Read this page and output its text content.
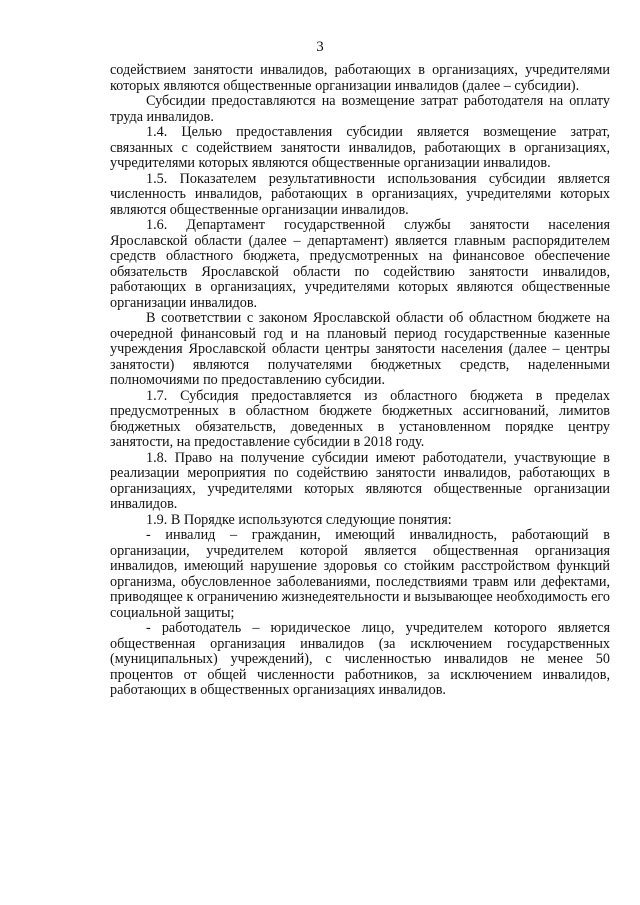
3

содействием занятости инвалидов, работающих в организациях, учредителями которых являются общественные организации инвалидов (далее – субсидии).

Субсидии предоставляются на возмещение затрат работодателя на оплату труда инвалидов.

1.4. Целью предоставления субсидии является возмещение затрат, связанных с содействием занятости инвалидов, работающих в организациях, учредителями которых являются общественные организации инвалидов.

1.5. Показателем результативности использования субсидии является численность инвалидов, работающих в организациях, учредителями которых являются общественные организации инвалидов.

1.6. Департамент государственной службы занятости населения Ярославской области (далее – департамент) является главным распорядителем средств областного бюджета, предусмотренных на финансовое обеспечение обязательств Ярославской области по содействию занятости инвалидов, работающих в организациях, учредителями которых являются общественные организации инвалидов.

В соответствии с законом Ярославской области об областном бюджете на очередной финансовый год и на плановый период государственные казенные учреждения Ярославской области центры занятости населения (далее – центры занятости) являются получателями бюджетных средств, наделенными полномочиями по предоставлению субсидии.

1.7. Субсидия предоставляется из областного бюджета в пределах предусмотренных в областном бюджете бюджетных ассигнований, лимитов бюджетных обязательств, доведенных в установленном порядке центру занятости, на предоставление субсидии в 2018 году.

1.8. Право на получение субсидии имеют работодатели, участвующие в реализации мероприятия по содействию занятости инвалидов, работающих в организациях, учредителями которых являются общественные организации инвалидов.

1.9. В Порядке используются следующие понятия:

- инвалид – гражданин, имеющий инвалидность, работающий в организации, учредителем которой является общественная организация инвалидов, имеющий нарушение здоровья со стойким расстройством функций организма, обусловленное заболеваниями, последствиями травм или дефектами, приводящее к ограничению жизнедеятельности и вызывающее необходимость его социальной защиты;

- работодатель – юридическое лицо, учредителем которого является общественная организация инвалидов (за исключением государственных (муниципальных) учреждений), с численностью инвалидов не менее 50 процентов от общей численности работников, за исключением инвалидов, работающих в общественных организациях инвалидов.
